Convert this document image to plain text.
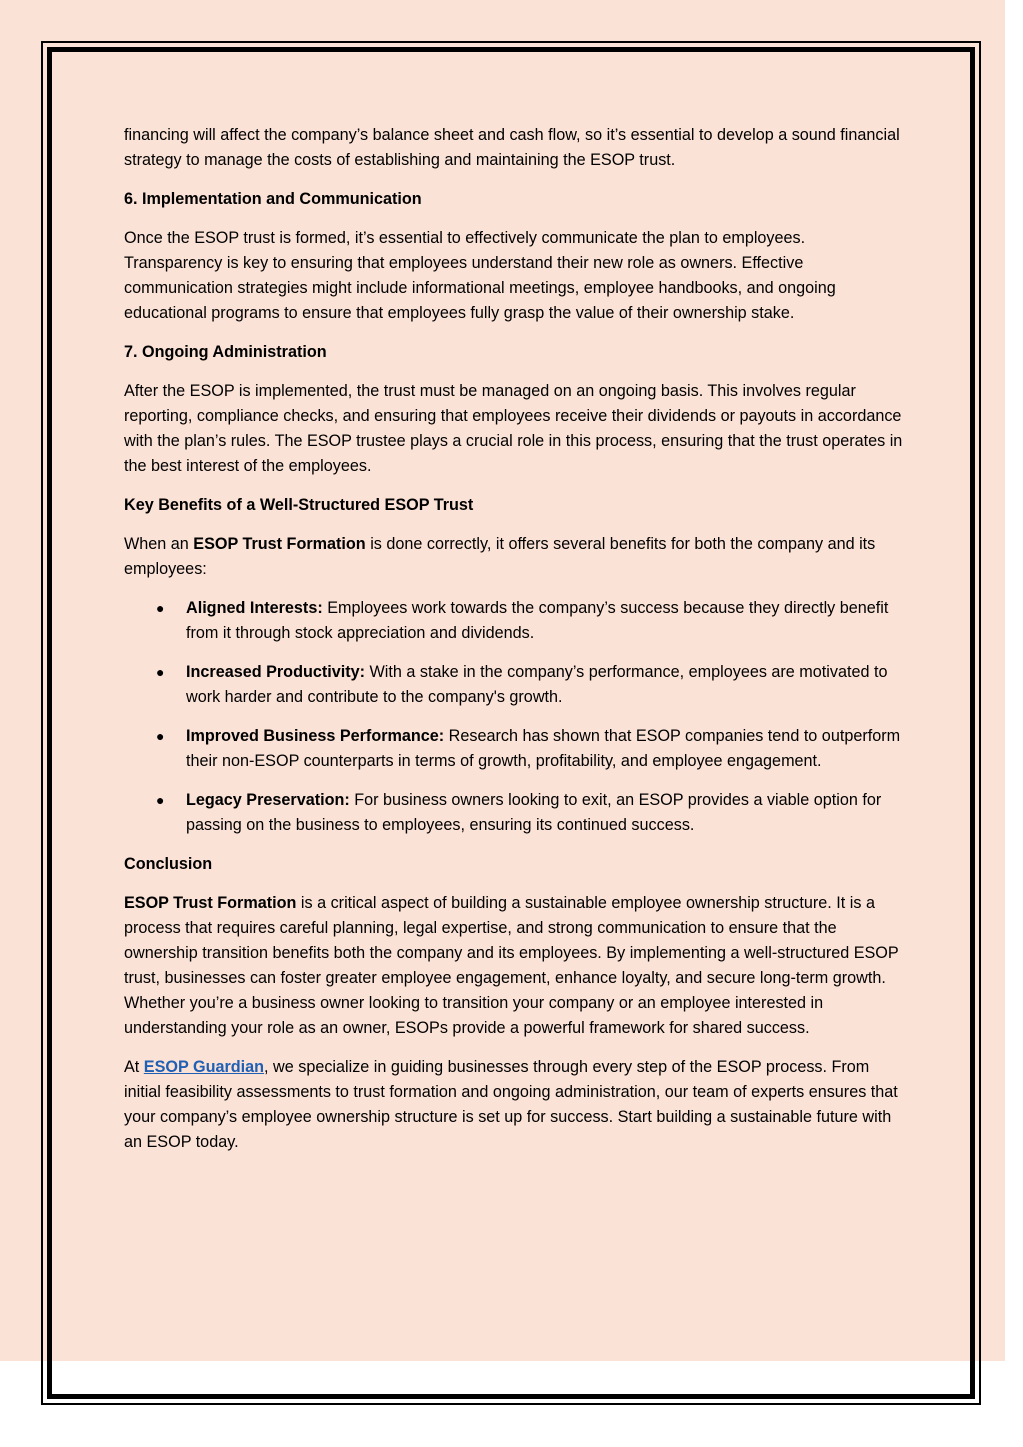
financing will affect the company’s balance sheet and cash flow, so it’s essential to develop a sound financial strategy to manage the costs of establishing and maintaining the ESOP trust.

6. Implementation and Communication

Once the ESOP trust is formed, it’s essential to effectively communicate the plan to employees. Transparency is key to ensuring that employees understand their new role as owners. Effective communication strategies might include informational meetings, employee handbooks, and ongoing educational programs to ensure that employees fully grasp the value of their ownership stake.

7. Ongoing Administration

After the ESOP is implemented, the trust must be managed on an ongoing basis. This involves regular reporting, compliance checks, and ensuring that employees receive their dividends or payouts in accordance with the plan’s rules. The ESOP trustee plays a crucial role in this process, ensuring that the trust operates in the best interest of the employees.

Key Benefits of a Well-Structured ESOP Trust

When an ESOP Trust Formation is done correctly, it offers several benefits for both the company and its employees:

● Aligned Interests: Employees work towards the company’s success because they directly benefit from it through stock appreciation and dividends.
● Increased Productivity: With a stake in the company’s performance, employees are motivated to work harder and contribute to the company's growth.
● Improved Business Performance: Research has shown that ESOP companies tend to outperform their non-ESOP counterparts in terms of growth, profitability, and employee engagement.
● Legacy Preservation: For business owners looking to exit, an ESOP provides a viable option for passing on the business to employees, ensuring its continued success.
Conclusion

ESOP Trust Formation is a critical aspect of building a sustainable employee ownership structure. It is a process that requires careful planning, legal expertise, and strong communication to ensure that the ownership transition benefits both the company and its employees. By implementing a well-structured ESOP trust, businesses can foster greater employee engagement, enhance loyalty, and secure long-term growth. Whether you’re a business owner looking to transition your company or an employee interested in understanding your role as an owner, ESOPs provide a powerful framework for shared success.

At ESOP Guardian, we specialize in guiding businesses through every step of the ESOP process. From initial feasibility assessments to trust formation and ongoing administration, our team of experts ensures that your company’s employee ownership structure is set up for success. Start building a sustainable future with an ESOP today.
